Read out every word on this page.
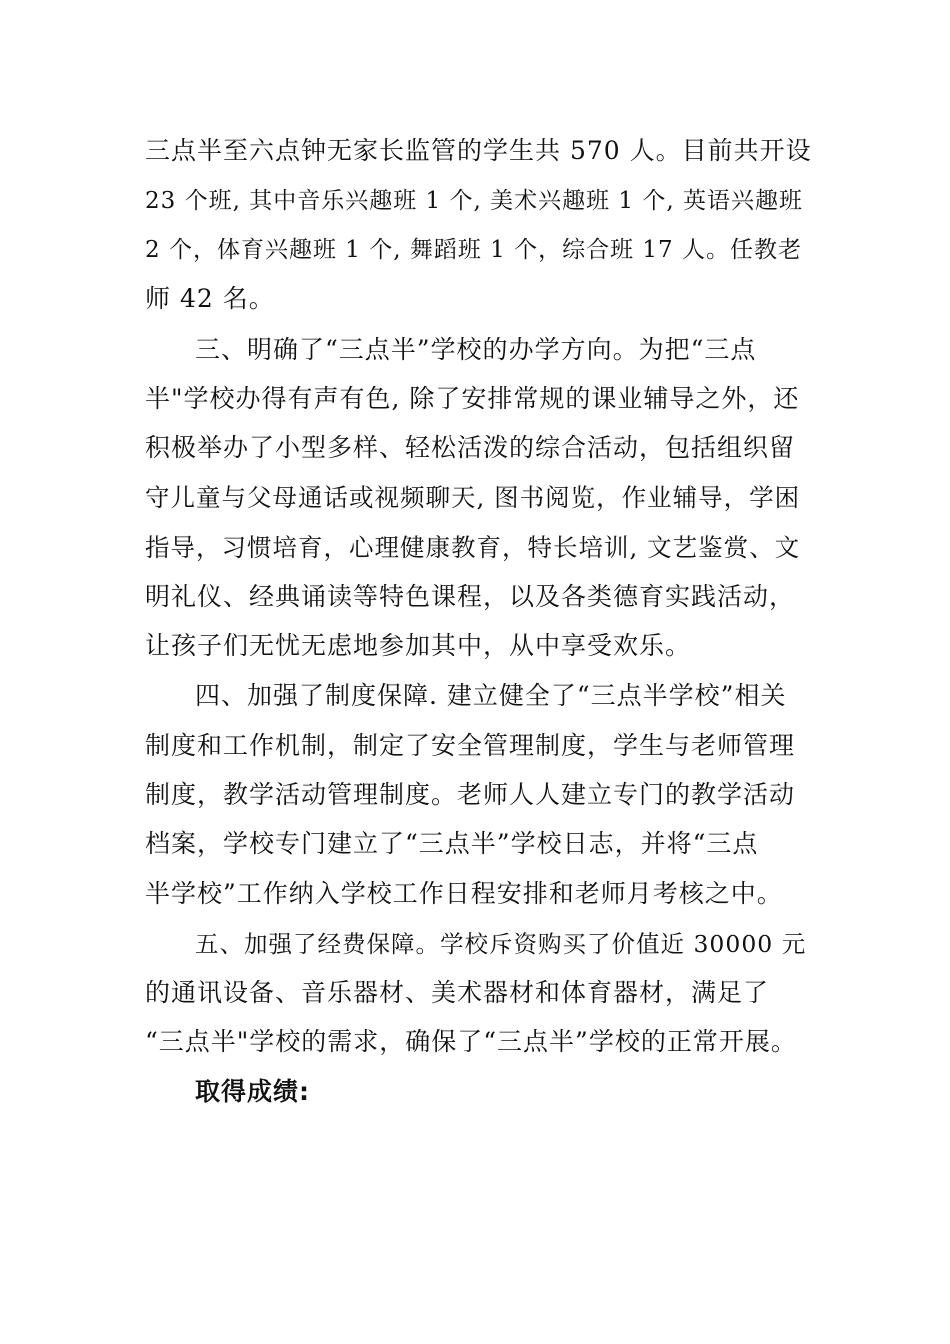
三点半至六点钟无家长监管的学生共 570 人。目前共开设
23 个班, 其中音乐兴趣班 1 个, 美术兴趣班 1 个, 英语兴趣班
2 个，体育兴趣班 1 个, 舞蹈班 1 个，综合班 17 人。任教老
师 42 名。
三、明确了“三点半”学校的办学方向。为把“三点
半"学校办得有声有色, 除了安排常规的课业辅导之外，还
积极举办了小型多样、轻松活泼的综合活动，包括组织留
守儿童与父母通话或视频聊天, 图书阅览，作业辅导，学困
指导，习惯培育，心理健康教育，特长培训, 文艺鉴赏、文
明礼仪、经典诵读等特色课程，以及各类德育实践活动，
让孩子们无忧无虑地参加其中，从中享受欢乐。
四、加强了制度保障. 建立健全了“三点半学校”相关
制度和工作机制，制定了安全管理制度，学生与老师管理
制度，教学活动管理制度。老师人人建立专门的教学活动
档案，学校专门建立了“三点半”学校日志，并将“三点
半学校”工作纳入学校工作日程安排和老师月考核之中。
五、加强了经费保障。学校斥资购买了价值近 30000 元
的通讯设备、音乐器材、美术器材和体育器材，满足了
“三点半"学校的需求，确保了“三点半”学校的正常开展。
取得成绩:
